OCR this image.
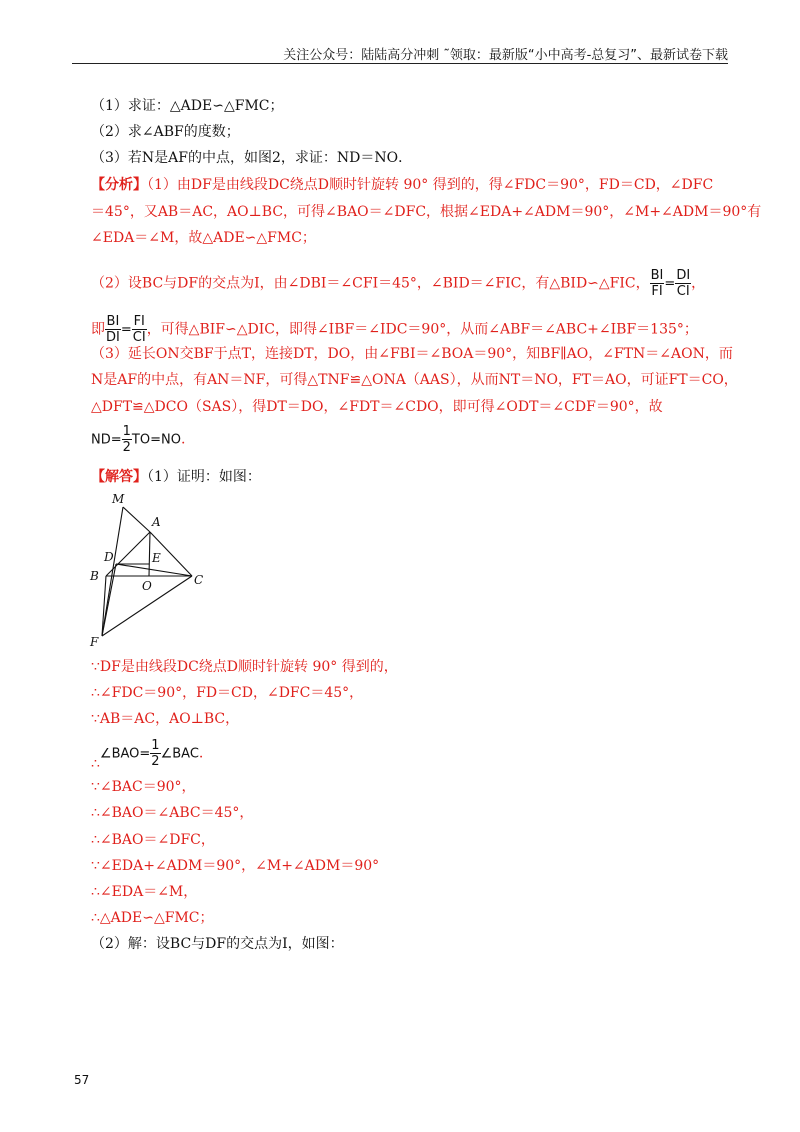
关注公众号：陆陆高分冲刺 ˜领取：最新版“小中高考-总复习”、最新试卷下载
（1）求证：△ADE∽△FMC；
（2）求∠ABF的度数；
（3）若N是AF的中点，如图2，求证：ND＝NO．
【分析】（1）由DF是由线段DC绕点D顺时针旋转 90° 得到的，得∠FDC＝90°，FD＝CD，∠DFC
＝45°，又AB＝AC，AO⊥BC，可得∠BAO＝∠DFC，根据∠EDA+∠ADM＝90°，∠M+∠ADM＝90°有
∠EDA＝∠M，故△ADE∽△FMC；
（2）设BC与DF的交点为I，由∠DBI＝∠CFI＝45°，∠BID＝∠FIC，有△BID∽△FIC， $\frac{BI}{FI} = \frac{DI}{CI}$ ，
即 $\frac{BI}{DI} = \frac{FI}{CI}$ ，可得△BIF∽△DIC，即得∠IBF＝∠IDC＝90°，从而∠ABF＝∠ABC+∠IBF＝135°；
（3）延长ON交BF于点T，连接DT，DO，由∠FBI＝∠BOA＝90°，知BF∥AO，∠FTN＝∠AON，而
N是AF的中点，有AN＝NF，可得△TNF≌△ONA（AAS），从而NT＝NO，FT＝AO，可证FT＝CO，
△DFT≌△DCO（SAS），得DT＝DO，∠FDT＝∠CDO，即可得∠ODT＝∠CDF＝90°，故
$ND= \frac{1}{2} TO=NO$.
【解答】（1）证明：如图：
M
A
D	E
B
O	C
F
∵DF是由线段DC绕点D顺时针旋转 90° 得到的，
∴∠FDC＝90°，FD＝CD，∠DFC＝45°，
∵AB＝AC，AO⊥BC，
∴∠BAO= $\frac{1}{2}$ ∠BAC.
∵∠BAC＝90°，
∴∠BAO＝∠ABC＝45°，
∴∠BAO＝∠DFC，
∵∠EDA+∠ADM＝90°，∠M+∠ADM＝90°
∴∠EDA＝∠M，
∴△ADE∽△FMC；
（2）解：设BC与DF的交点为I，如图：
57
